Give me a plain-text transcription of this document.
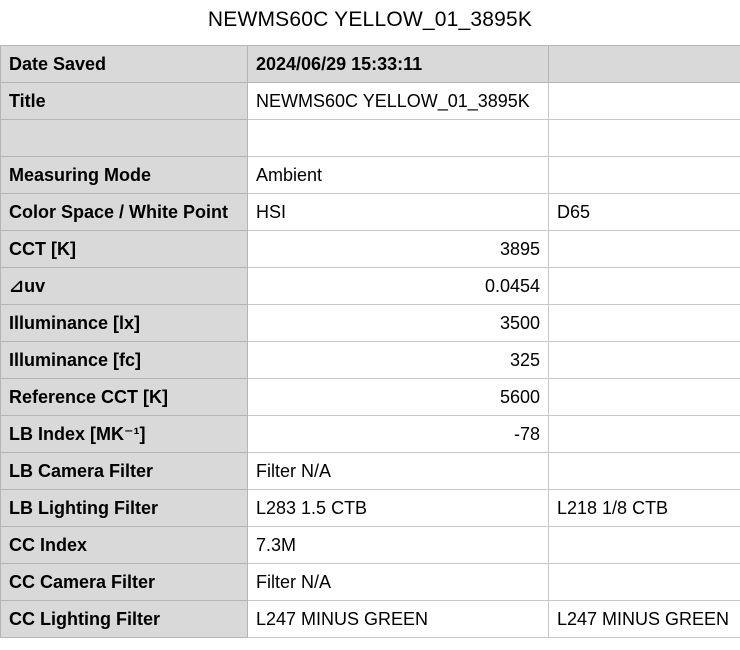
NEWMS60C YELLOW_01_3895K
Date Saved	2024/06/29 15:33:11	
Title	NEWMS60C YELLOW_01_3895K	

Measuring Mode	Ambient	
Color Space / White Point	HSI	D65
CCT [K]	3895	
⊿uv	0.0454	
Illuminance [lx]	3500	
Illuminance [fc]	325	
Reference CCT [K]	5600	
LB Index [MK⁻¹]	-78	
LB Camera Filter	Filter N/A	
LB Lighting Filter	L283 1.5 CTB	L218 1/8 CTB
CC Index	7.3M	
CC Camera Filter	Filter N/A	
CC Lighting Filter	L247 MINUS GREEN	L247 MINUS GREEN
